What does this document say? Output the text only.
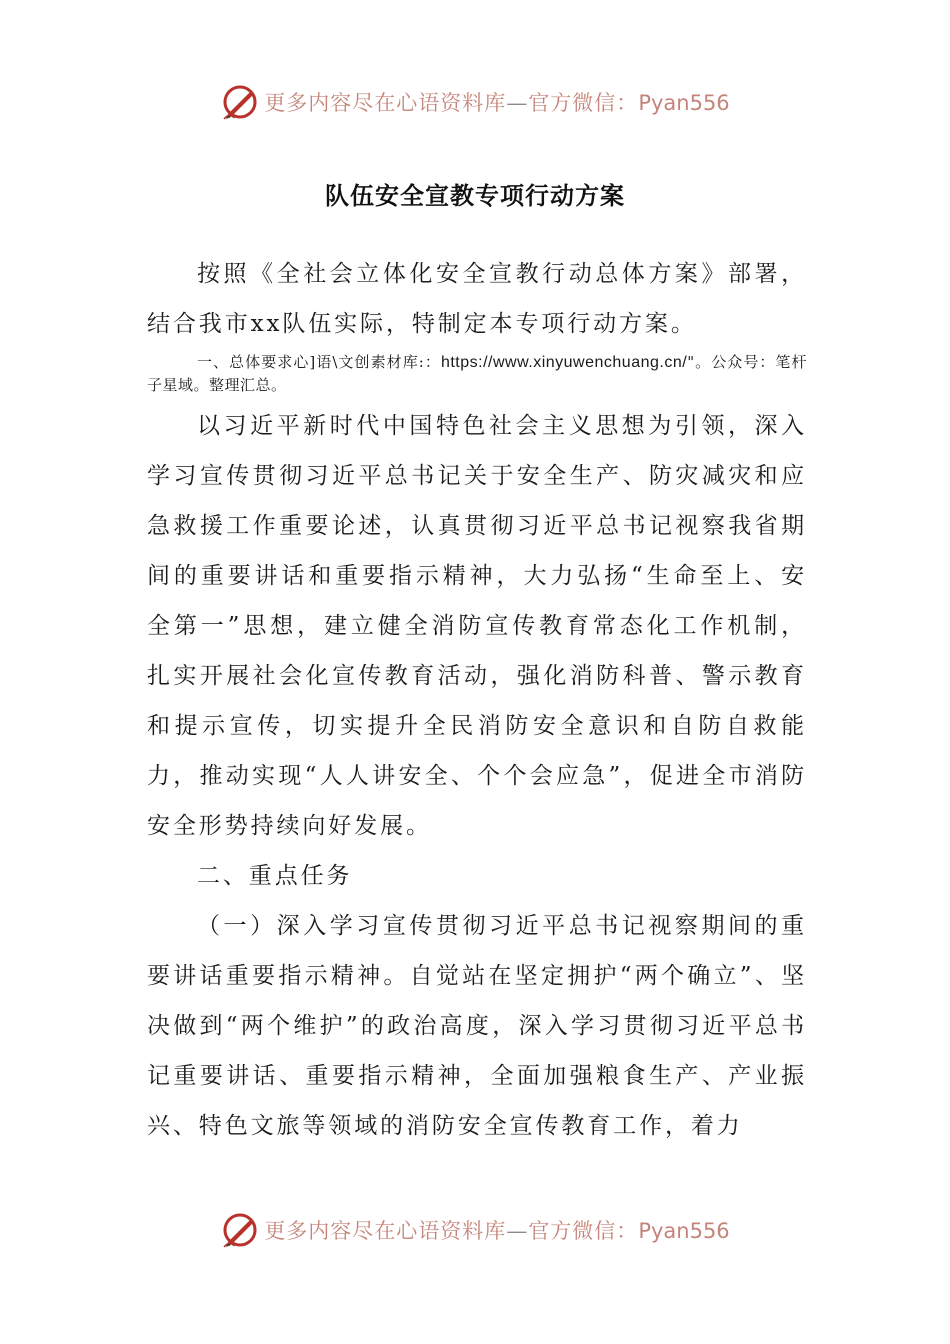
更多内容尽在心语资料库—官方微信：Pyan556
队伍安全宣教专项行动方案

按照《全社会立体化安全宣教行动总体方案》部署，结合我市xx队伍实际，特制定本专项行动方案。

一、总体要求心]语\文创素材库:：https://www.xinyuwenchuang.cn/"。公众号：笔杆子星域。整理汇总。

以习近平新时代中国特色社会主义思想为引领，深入学习宣传贯彻习近平总书记关于安全生产、防灾减灾和应急救援工作重要论述，认真贯彻习近平总书记视察我省期间的重要讲话和重要指示精神，大力弘扬“生命至上、安全第一”思想，建立健全消防宣传教育常态化工作机制，扎实开展社会化宣传教育活动，强化消防科普、警示教育和提示宣传，切实提升全民消防安全意识和自防自救能力，推动实现“人人讲安全、个个会应急”，促进全市消防安全形势持续向好发展。

二、重点任务

（一）深入学习宣传贯彻习近平总书记视察期间的重要讲话重要指示精神。自觉站在坚定拥护“两个确立”、坚决做到“两个维护”的政治高度，深入学习贯彻习近平总书记重要讲话、重要指示精神，全面加强粮食生产、产业振兴、特色文旅等领域的消防安全宣传教育工作，着力

更多内容尽在心语资料库—官方微信：Pyan556
